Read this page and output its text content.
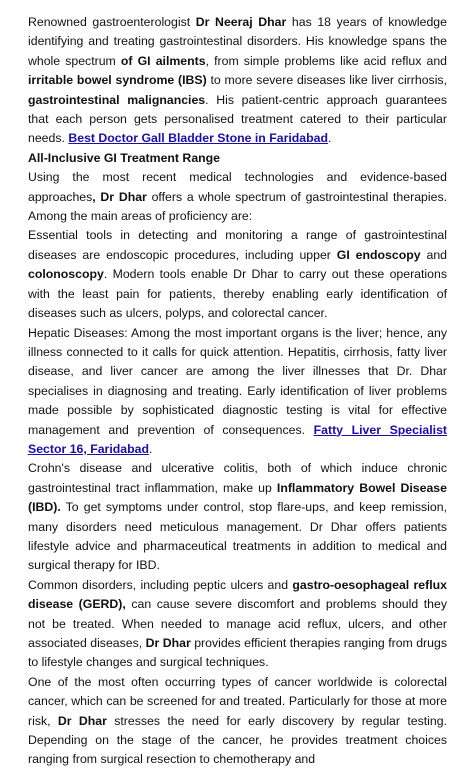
Renowned gastroenterologist Dr Neeraj Dhar has 18 years of knowledge identifying and treating gastrointestinal disorders. His knowledge spans the whole spectrum of GI ailments, from simple problems like acid reflux and irritable bowel syndrome (IBS) to more severe diseases like liver cirrhosis, gastrointestinal malignancies. His patient-centric approach guarantees that each person gets personalised treatment catered to their particular needs. Best Doctor Gall Bladder Stone in Faridabad.

All-Inclusive GI Treatment Range

Using the most recent medical technologies and evidence-based approaches, Dr Dhar offers a whole spectrum of gastrointestinal therapies. Among the main areas of proficiency are:

Essential tools in detecting and monitoring a range of gastrointestinal diseases are endoscopic procedures, including upper GI endoscopy and colonoscopy. Modern tools enable Dr Dhar to carry out these operations with the least pain for patients, thereby enabling early identification of diseases such as ulcers, polyps, and colorectal cancer.

Hepatic Diseases: Among the most important organs is the liver; hence, any illness connected to it calls for quick attention. Hepatitis, cirrhosis, fatty liver disease, and liver cancer are among the liver illnesses that Dr. Dhar specialises in diagnosing and treating. Early identification of liver problems made possible by sophisticated diagnostic testing is vital for effective management and prevention of consequences. Fatty Liver Specialist Sector 16, Faridabad.

Crohn's disease and ulcerative colitis, both of which induce chronic gastrointestinal tract inflammation, make up Inflammatory Bowel Disease (IBD). To get symptoms under control, stop flare-ups, and keep remission, many disorders need meticulous management. Dr Dhar offers patients lifestyle advice and pharmaceutical treatments in addition to medical and surgical therapy for IBD.

Common disorders, including peptic ulcers and gastro-oesophageal reflux disease (GERD), can cause severe discomfort and problems should they not be treated. When needed to manage acid reflux, ulcers, and other associated diseases, Dr Dhar provides efficient therapies ranging from drugs to lifestyle changes and surgical techniques.

One of the most often occurring types of cancer worldwide is colorectal cancer, which can be screened for and treated. Particularly for those at more risk, Dr Dhar stresses the need for early discovery by regular testing. Depending on the stage of the cancer, he provides treatment choices ranging from surgical resection to chemotherapy and
